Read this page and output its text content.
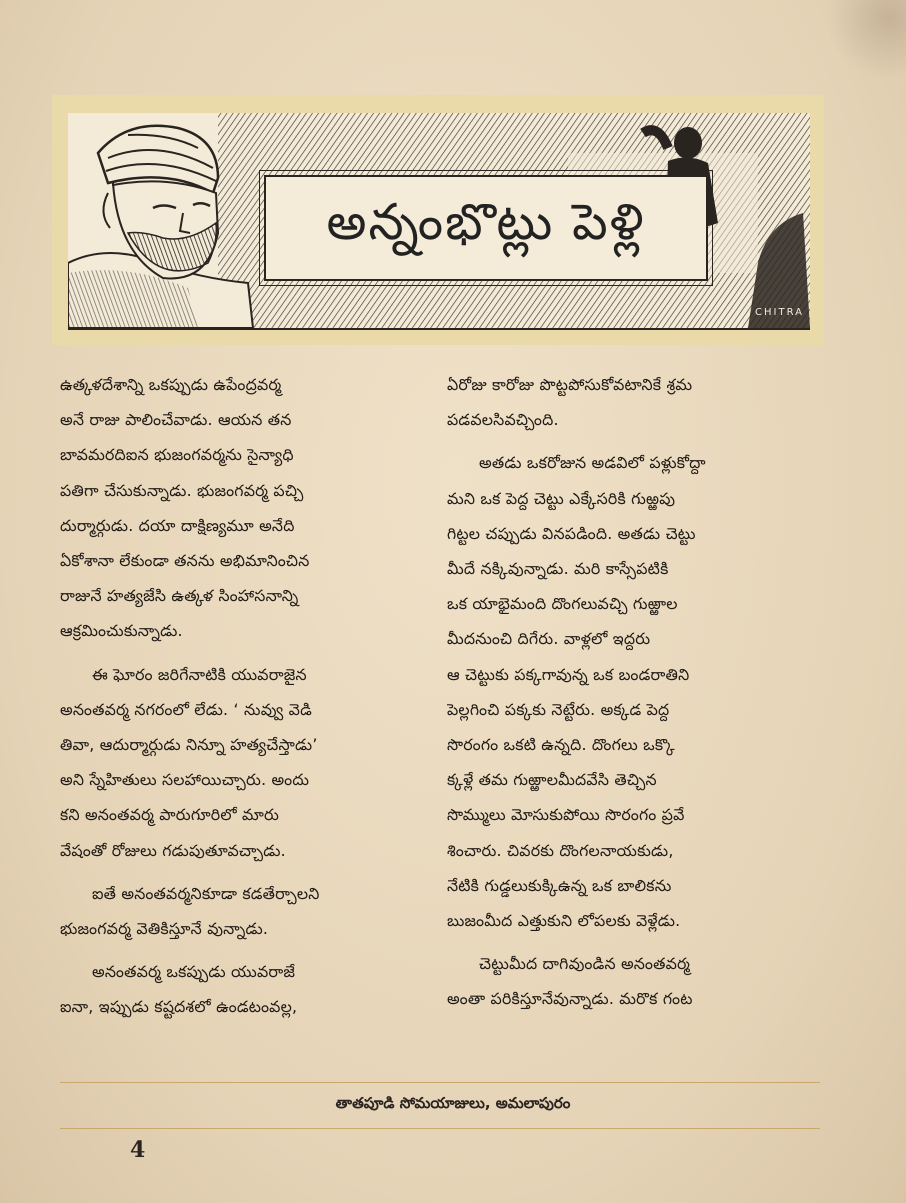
అన్నంభొట్లు పెళ్లి
CHITRA

ఉత్కళదేశాన్ని ఒకప్పుడు ఉపేంద్రవర్మ
అనే రాజు పాలించేవాడు. ఆయన తన
బావమరదిఐన భుజంగవర్మను సైన్యాధి
పతిగా చేసుకున్నాడు. భుజంగవర్మ పచ్చి
దుర్మార్గుడు. దయా దాక్షిణ్యమూ అనేది
ఏకోశానా లేకుండా తనను అభిమానించిన
రాజునే హత్యజేసి ఉత్కళ సింహాసనాన్ని
ఆక్రమించుకున్నాడు.

ఈ ఘోరం జరిగేనాటికి యువరాజైన
అనంతవర్మ నగరంలో లేడు. ‘ నువ్వు వెడి
తివా, ఆదుర్మార్గుడు నిన్నూ హత్యచేస్తాడు’
అని స్నేహితులు సలహాయిచ్చారు. అందు
కని అనంతవర్మ పారుగూరిలో మారు
వేషంతో రోజులు గడుపుతూవచ్చాడు.

ఐతే అనంతవర్మనికూడా కడతేర్చాలని
భుజంగవర్మ వెతికిస్తూనే వున్నాడు.

అనంతవర్మ ఒకప్పుడు యువరాజే
ఐనా, ఇప్పుడు కష్టదశలో ఉండటంవల్ల,

ఏరోజు కారోజు పొట్టపోసుకోవటానికే శ్రమ
పడవలసివచ్చింది.

అతడు ఒకరోజున అడవిలో పళ్లుకోద్దా
మని ఒక పెద్ద చెట్టు ఎక్కేసరికి గుఱ్ఱపు
గిట్టల చప్పుడు వినపడింది. అతడు చెట్టు
మీదే నక్కివున్నాడు. మరి కాస్సేపటికి
ఒక యాభైమంది దొంగలువచ్చి గుఱ్ఱాల
మీదనుంచి దిగేరు. వాళ్లలో ఇద్దరు
ఆ చెట్టుకు పక్కగావున్న ఒక బండరాతిని
పెల్లగించి పక్కకు నెట్టేరు. అక్కడ పెద్ద
సొరంగం ఒకటి ఉన్నది. దొంగలు ఒక్కొ
క్కళ్లే తమ గుఱ్ఱాలమీదవేసి తెచ్చిన
సొమ్ములు మోసుకుపోయి సొరంగం ప్రవే
శించారు. చివరకు దొంగలనాయకుడు,
నేటికి గుడ్డలుకుక్కిఉన్న ఒక బాలికను
బుజంమీద ఎత్తుకుని లోపలకు వెళ్లేడు.

చెట్టుమీద దాగివుండిన అనంతవర్మ
అంతా పరికిస్తూనేవున్నాడు. మరొక గంట

తాతపూడి సోమయాజులు, అమలాపురం
4
